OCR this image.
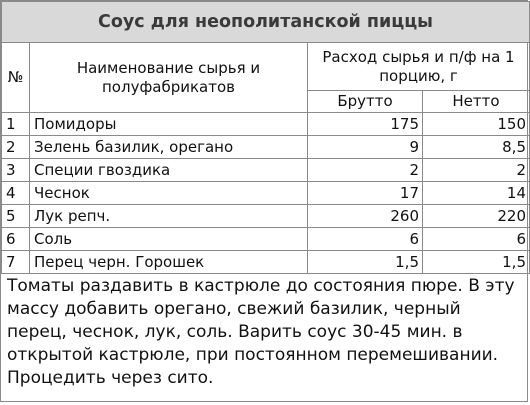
Соус для неополитанской пиццы			
№	Наименование сырья и полуфабрикатов	Расход сырья и п/ф на 1 порцию, г	
		Брутто	Нетто
1	Помидоры	175	150
2	Зелень базилик, орегано	9	8,5
3	Специи гвоздика	2	2
4	Чеснок	17	14
5	Лук репч.	260	220
6	Соль	6	6
7	Перец черн. Горошек	1,5	1,5
Томаты раздавить в кастрюле до состояния пюре. В эту массу добавить орегано, свежий базилик, черный перец, чеснок, лук, соль. Варить соус 30-45 мин. в открытой кастрюле, при постоянном перемешивании. Процедить через сито.
